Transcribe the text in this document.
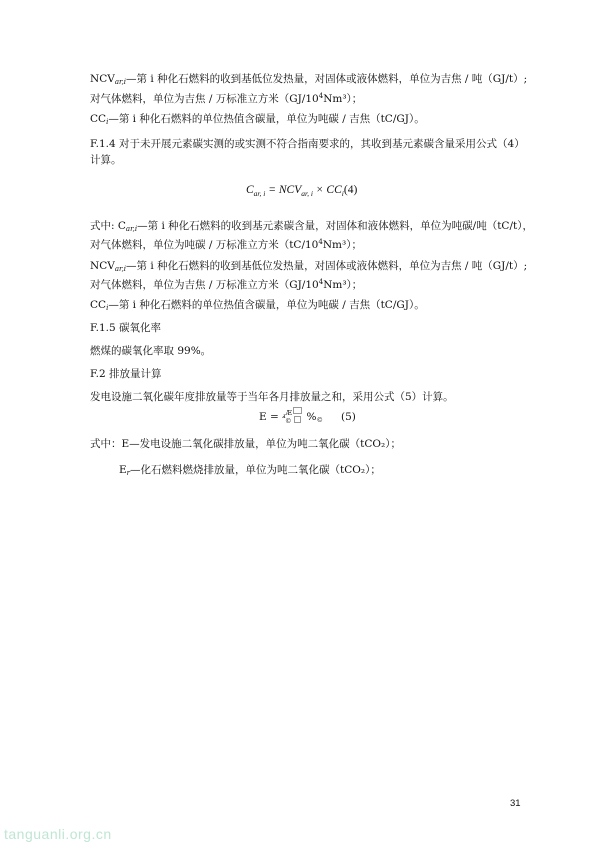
$NCV_{ar,i}—$第 i 种化石燃料的收到基低位发热量，对固体或液体燃料，单位为吉焦 / 吨（GJ/t）;
对气体燃料，单位为吉焦 / 万标准立方米$(GJ/10^4Nm^3)$；
$CC_i—$第 i 种化石燃料的单位热值含碳量，单位为吨碳 / 吉焦（tC/GJ）。
F.1.4 对于未开展元素碳实测的或实测不符合指南要求的，其收到基元素碳含量采用公式（4）
计算。
$C_{ar, i} = NCV_{ar, i} \times CC_i(4)$
式中: $C_{ar,i}—$第 i 种化石燃料的收到基元素碳含量，对固体和液体燃料，单位为吨碳/吨（tC/t），
对气体燃料，单位为吨碳 / 万标准立方米$(tC/10^4Nm^3)$；
$NCV_{ar,i}—$第 i 种化石燃料的收到基低位发热量，对固体或液体燃料，单位为吉焦 / 吨（GJ/t）;
对气体燃料，单位为吉焦 / 万标准立方米$(GJ/10^4Nm^3)$；
$CC_i—$第 i 种化石燃料的单位热值含碳量，单位为吨碳 / 吉焦（tC/GJ）。
F.1.5 碳氧化率
燃煤的碳氧化率取 99%。
F.2 排放量计算
发电设施二氧化碳年度排放量等于当年各月排放量之和，采用公式（5）计算。
E = ⅎ$^Æ_©$ %© (5)
式中：E—发电设施二氧化碳排放量，单位为吨二氧化碳（tCO₂）；
$E_r—$化石燃料燃烧排放量，单位为吨二氧化碳（tCO₂）；
31
tanguanli.org.cn
